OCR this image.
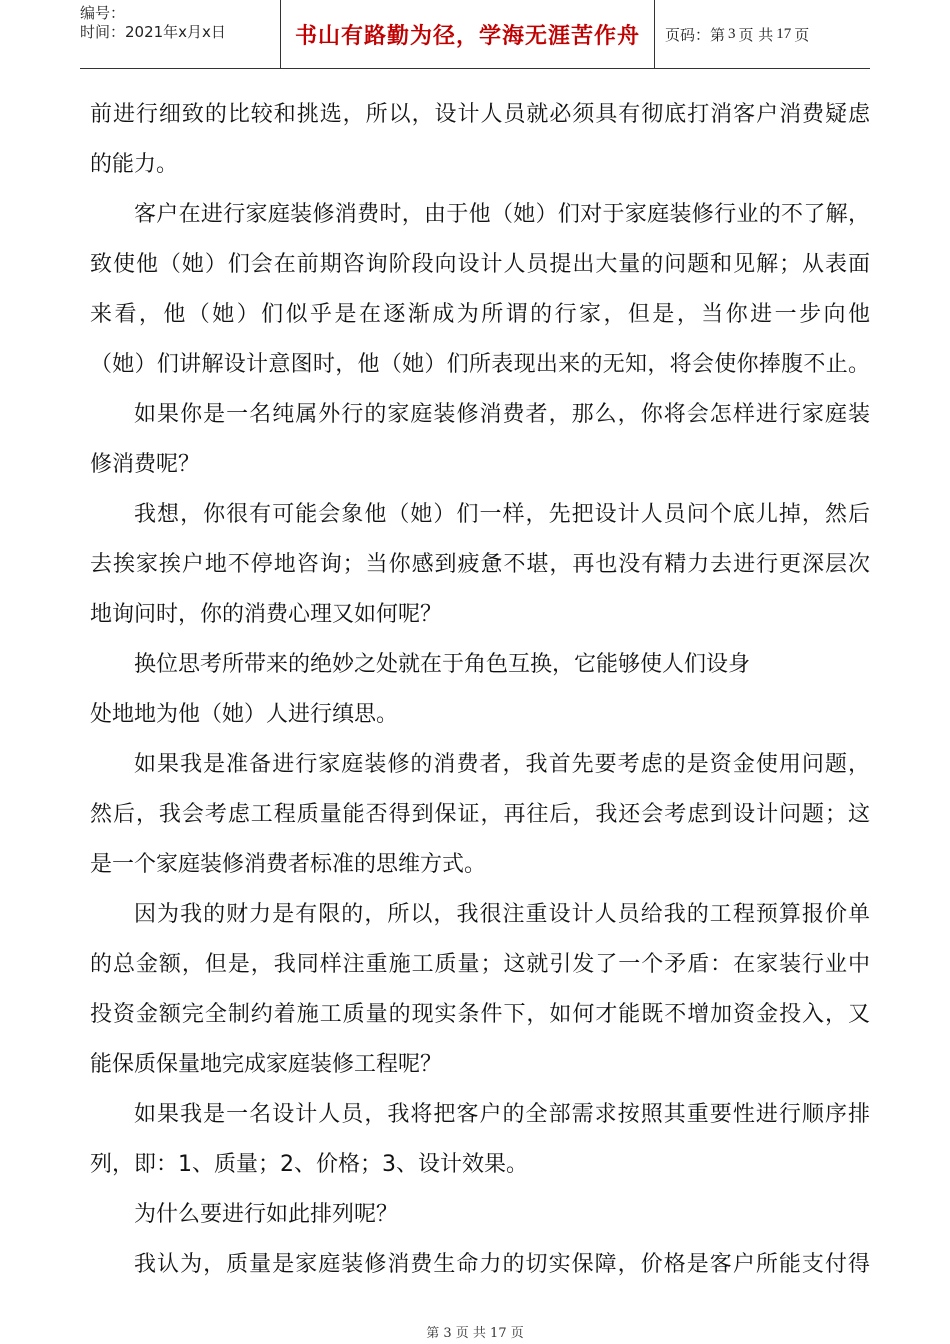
编号：
时间：2021年x月x日	书山有路勤为径，学海无涯苦作舟	页码：第 3 页 共 17 页
前进行细致的比较和挑选，所以，设计人员就必须具有彻底打消客户消费疑虑
的能力。
客户在进行家庭装修消费时，由于他（她）们对于家庭装修行业的不了解，
致使他（她）们会在前期咨询阶段向设计人员提出大量的问题和见解；从表面
来看，他（她）们似乎是在逐渐成为所谓的行家，但是，当你进一步向他
（她）们讲解设计意图时，他（她）们所表现出来的无知，将会使你捧腹不止。
如果你是一名纯属外行的家庭装修消费者，那么，你将会怎样进行家庭装
修消费呢？
我想，你很有可能会象他（她）们一样，先把设计人员问个底儿掉，然后
去挨家挨户地不停地咨询；当你感到疲惫不堪，再也没有精力去进行更深层次
地询问时，你的消费心理又如何呢？
换位思考所带来的绝妙之处就在于角色互换，它能够使人们设身
处地地为他（她）人进行缜思。
如果我是准备进行家庭装修的消费者，我首先要考虑的是资金使用问题，
然后，我会考虑工程质量能否得到保证，再往后，我还会考虑到设计问题；这
是一个家庭装修消费者标准的思维方式。
因为我的财力是有限的，所以，我很注重设计人员给我的工程预算报价单
的总金额，但是，我同样注重施工质量；这就引发了一个矛盾：在家装行业中
投资金额完全制约着施工质量的现实条件下，如何才能既不增加资金投入，又
能保质保量地完成家庭装修工程呢？
如果我是一名设计人员，我将把客户的全部需求按照其重要性进行顺序排
列，即：1、质量；2、价格；3、设计效果。
为什么要进行如此排列呢？
我认为，质量是家庭装修消费生命力的切实保障，价格是客户所能支付得
第 3 页 共 17 页
